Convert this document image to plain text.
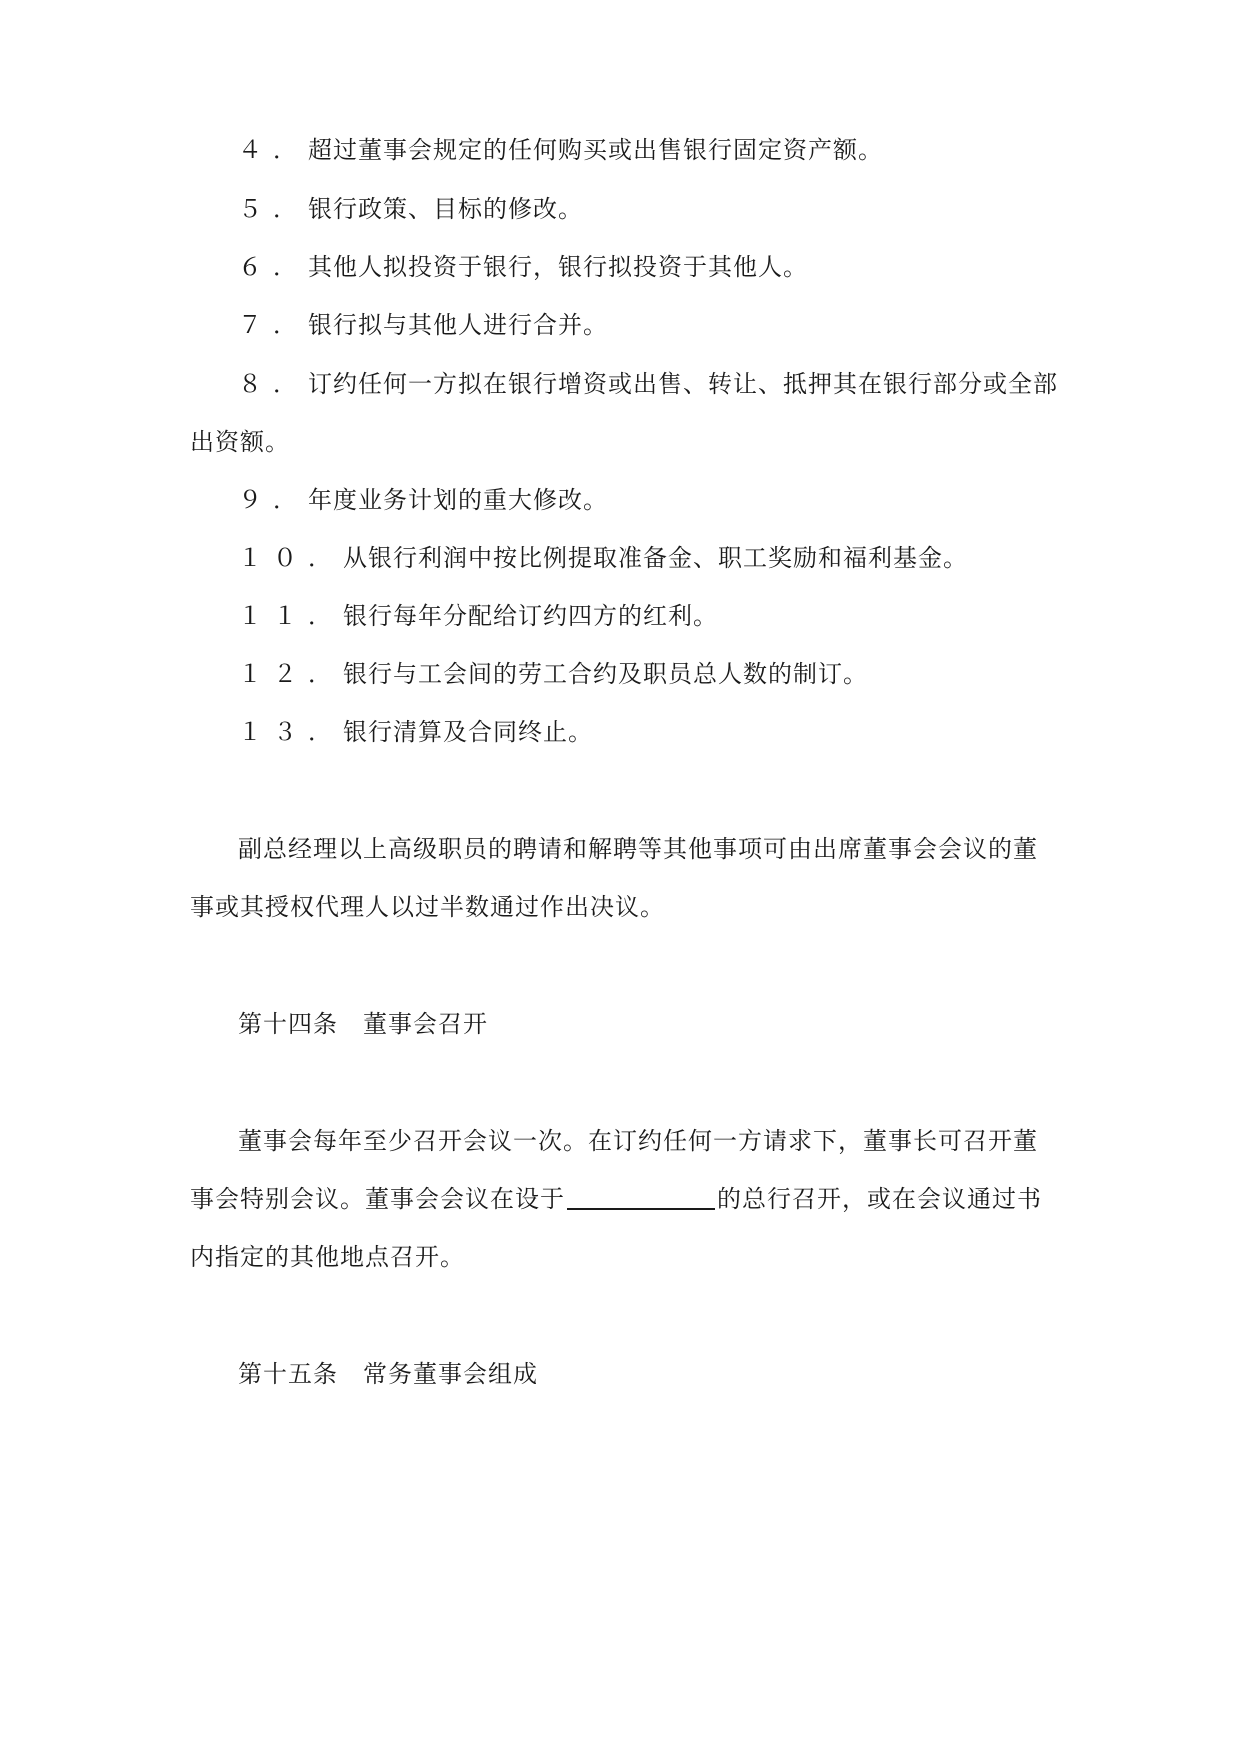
４．超过董事会规定的任何购买或出售银行固定资产额。
５．银行政策、目标的修改。
６．其他人拟投资于银行，银行拟投资于其他人。
７．银行拟与其他人进行合并。
８．订约任何一方拟在银行增资或出售、转让、抵押其在银行部分或全部
出资额。
９．年度业务计划的重大修改。
１０．从银行利润中按比例提取准备金、职工奖励和福利基金。
１１．银行每年分配给订约四方的红利。
１２．银行与工会间的劳工合约及职员总人数的制订。
１３．银行清算及合同终止。
副总经理以上高级职员的聘请和解聘等其他事项可由出席董事会会议的董
事或其授权代理人以过半数通过作出决议。
第十四条　董事会召开
董事会每年至少召开会议一次。在订约任何一方请求下，董事长可召开董
事会特别会议。董事会会议在设于	的总行召开，或在会议通过书
内指定的其他地点召开。
第十五条　常务董事会组成
